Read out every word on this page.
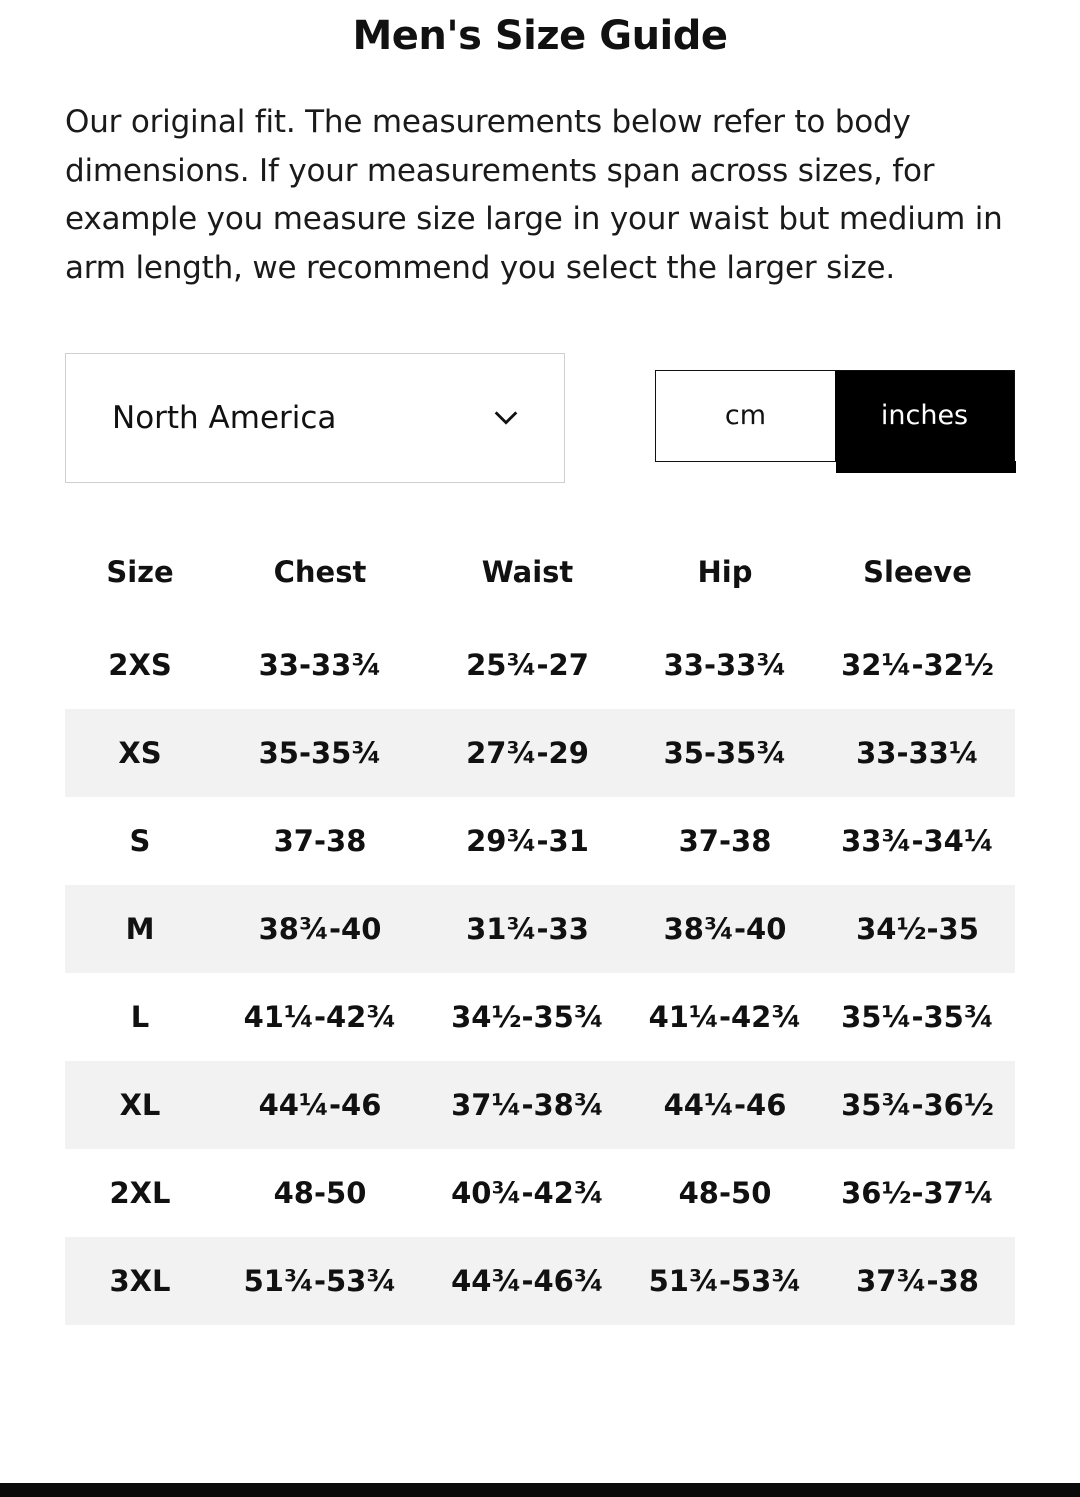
Men's Size Guide

Our original fit. The measurements below refer to body dimensions. If your measurements span across sizes, for example you measure size large in your waist but medium in arm length, we recommend you select the larger size.

North America	cm	inches
Size	Chest	Waist	Hip	Sleeve
2XS	33-33¾	25¾-27	33-33¾	32¼-32½
XS	35-35¾	27¾-29	35-35¾	33-33¼
S	37-38	29¾-31	37-38	33¾-34¼
M	38¾-40	31¾-33	38¾-40	34½-35
L	41¼-42¾	34½-35¾	41¼-42¾	35¼-35¾
XL	44¼-46	37¼-38¾	44¼-46	35¾-36½
2XL	48-50	40¾-42¾	48-50	36½-37¼
3XL	51¾-53¾	44¾-46¾	51¾-53¾	37¾-38
